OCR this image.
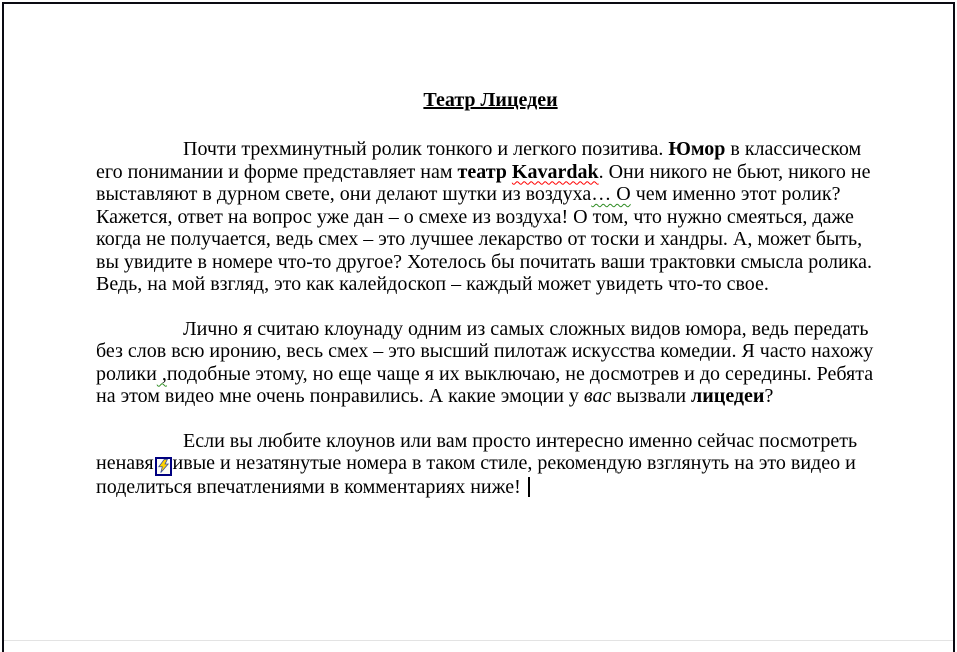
Театр Лицедеи

Почти трехминутный ролик тонкого и легкого позитива. Юмор в классическом его понимании и форме представляет нам театр Kavardak. Они никого не бьют, никого не выставляют в дурном свете, они делают шутки из воздуха… О чем именно этот ролик? Кажется, ответ на вопрос уже дан – о смехе из воздуха! О том, что нужно смеяться, даже когда не получается, ведь смех – это лучшее лекарство от тоски и хандры. А, может быть, вы увидите в номере что-то другое? Хотелось бы почитать ваши трактовки смысла ролика. Ведь, на мой взгляд, это как калейдоскоп – каждый может увидеть что-то свое.

Лично я считаю клоунаду одним из самых сложных видов юмора, ведь передать без слов всю иронию, весь смех – это высший пилотаж искусства комедии. Я часто нахожу ролики ,подобные этому, но еще чаще я их выключаю, не досмотрев и до середины. Ребята на этом видео мне очень понравились. А какие эмоции у вас вызвали лицедеи?

Если вы любите клоунов или вам просто интересно именно сейчас посмотреть ненавя ивые и незатянутые номера в таком стиле, рекомендую взглянуть на это видео и поделиться впечатлениями в комментариях ниже!
